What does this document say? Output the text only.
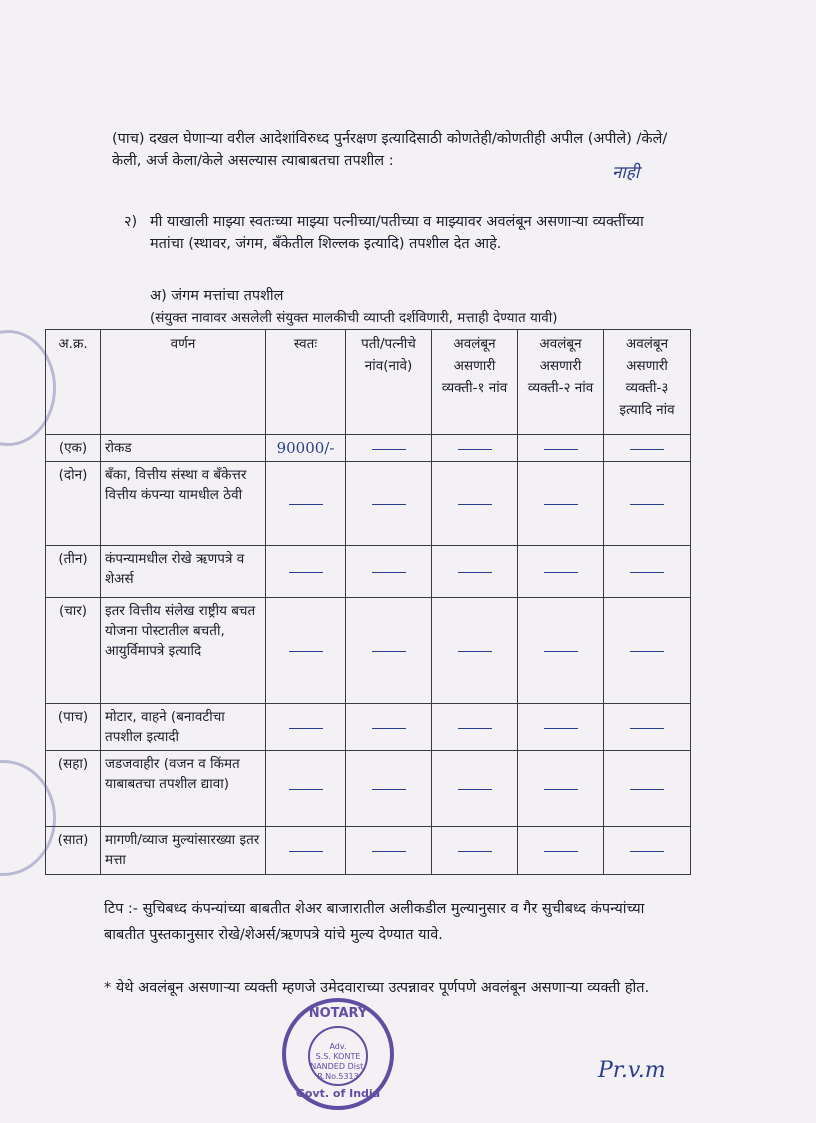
(पाच) दखल घेणाऱ्या वरील आदेशांविरुध्द पुर्नरक्षण इत्यादिसाठी कोणतेही/कोणतीही अपील (अपीले) /केले/केली, अर्ज केला/केले असल्यास त्याबाबतचा तपशील :

नाही
२) मी याखाली माझ्या स्वतःच्या माझ्या पत्नीच्या/पतीच्या व माझ्यावर अवलंबून असणाऱ्या व्यक्तींच्या मतांचा (स्थावर, जंगम, बँकेतील शिल्लक इत्यादि) तपशील देत आहे.

अ) जंगम मत्तांचा तपशील

(संयुक्त नावावर असलेली संयुक्त मालकीची व्याप्ती दर्शविणारी, मत्ताही देण्यात यावी)

अ.क्र.	वर्णन	स्वतः	पती/पत्नीचे नांव(नावे)	अवलंबून असणारी व्यक्ती-१ नांव	अवलंबून असणारी व्यक्ती-२ नांव	अवलंबून असणारी व्यक्ती-३ इत्यादि नांव
(एक)	रोकड	90000/-				
(दोन)	बँका, वित्तीय संस्था व बँकेत्तर वित्तीय कंपन्या यामधील ठेवी					
(तीन)	कंपन्यामधील रोखे ऋणपत्रे व शेअर्स					
(चार)	इतर वित्तीय संलेख राष्ट्रीय बचत योजना पोस्टातील बचती, आयुर्विमापत्रे इत्यादि					
(पाच)	मोटार, वाहने (बनावटीचा तपशील इत्यादी					
(सहा)	जडजवाहीर (वजन व किंमत याबाबतचा तपशील द्यावा)					
(सात)	मागणी/व्याज मुल्यांसारख्या इतर मत्ता					

टिप :- सुचिबध्द कंपन्यांच्या बाबतीत शेअर बाजारातील अलीकडील मुल्यानुसार व गैर सुचीबध्द कंपन्यांच्या बाबतीत पुस्तकानुसार रोखे/शेअर्स/ऋणपत्रे यांचे मुल्य देण्यात यावे.

* येथे अवलंबून असणाऱ्या व्यक्ती म्हणजे उमेदवाराच्या उत्पन्नावर पूर्णपणे अवलंबून असणाऱ्या व्यक्ती होत.

NOTARY
Adv.
S.S. KONTE
NANDED Dist.
R.No.5313
Govt. of India
Pr.v.m
